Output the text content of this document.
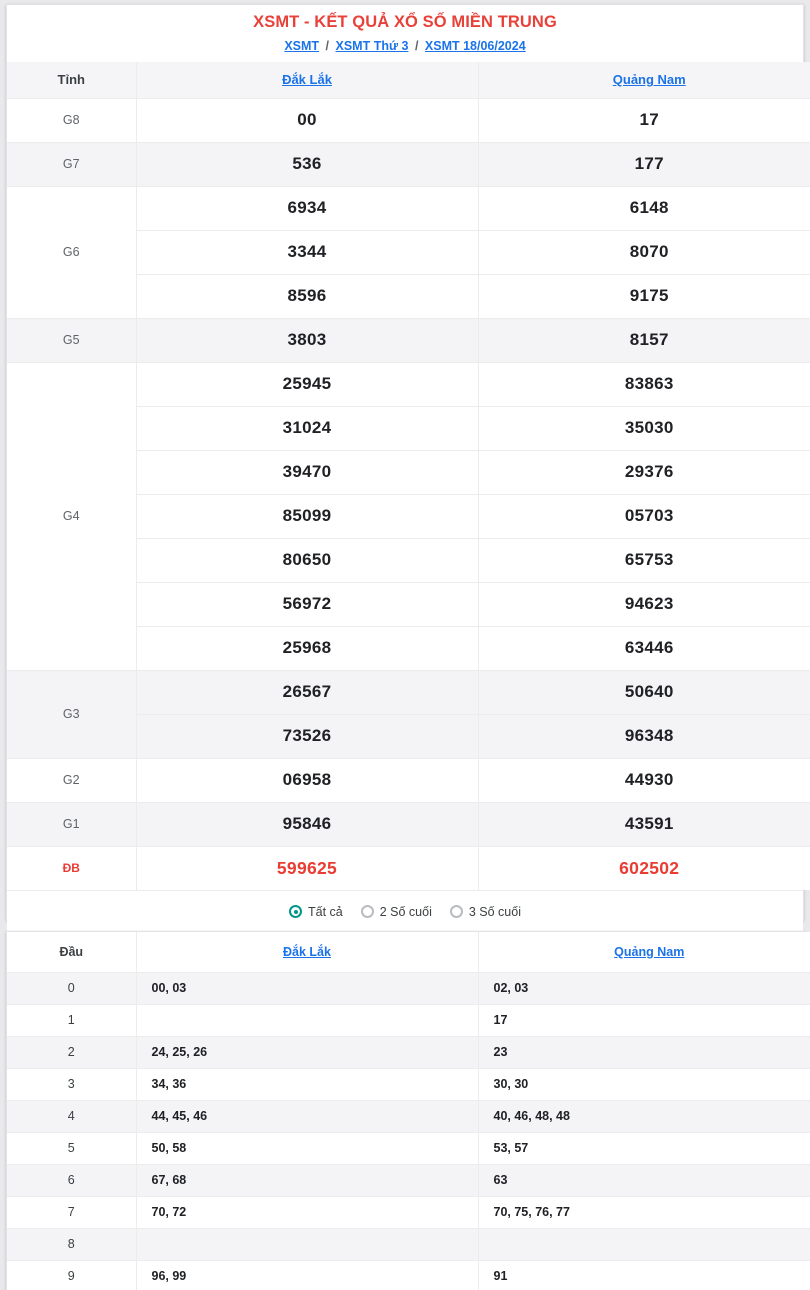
XSMT - KẾT QUẢ XỔ SỐ MIỀN TRUNG
XSMT / XSMT Thứ 3 / XSMT 18/06/2024
Tỉnh	Đắk Lắk	Quảng Nam
G8	00	17
G7	536	177
G6	6934	6148
	3344	8070
	8596	9175
G5	3803	8157
G4	25945	83863
	31024	35030
	39470	29376
	85099	05703
	80650	65753
	56972	94623
	25968	63446
G3	26567	50640
	73526	96348
G2	06958	44930
G1	95846	43591
ĐB	599625	602502
Tất cả	2 Số cuối	3 Số cuối
Đầu	Đắk Lắk	Quảng Nam
0	00, 03	02, 03
1		17
2	24, 25, 26	23
3	34, 36	30, 30
4	44, 45, 46	40, 46, 48, 48
5	50, 58	53, 57
6	67, 68	63
7	70, 72	70, 75, 76, 77
8		
9	96, 99	91
